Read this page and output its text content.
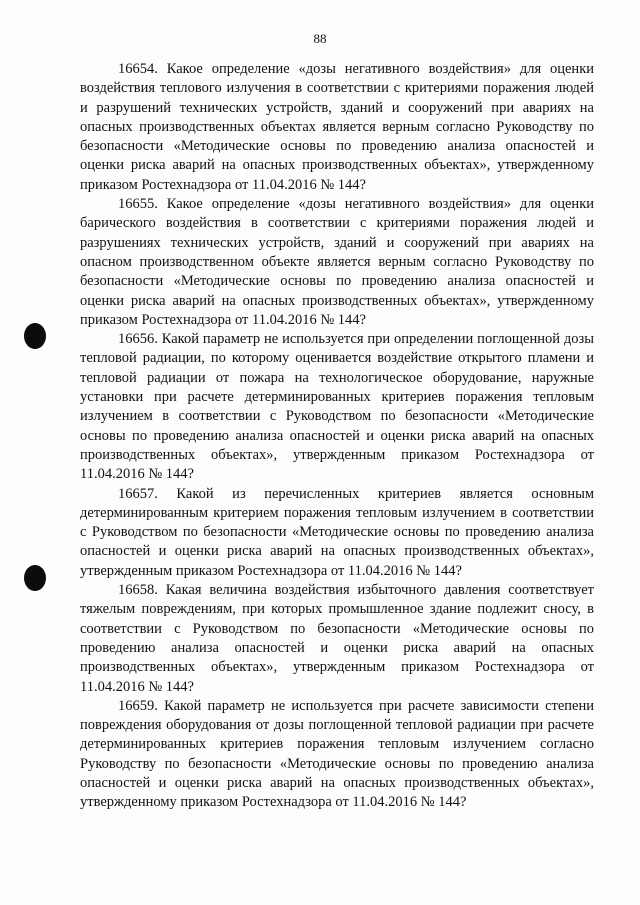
88

16654. Какое определение «дозы негативного воздействия» для оценки воздействия теплового излучения в соответствии с критериями поражения людей и разрушений технических устройств, зданий и сооружений при авариях на опасных производственных объектах является верным согласно Руководству по безопасности «Методические основы по проведению анализа опасностей и оценки риска аварий на опасных производственных объектах», утвержденному приказом Ростехнадзора от 11.04.2016 № 144?

16655. Какое определение «дозы негативного воздействия» для оценки барического воздействия в соответствии с критериями поражения людей и разрушениях технических устройств, зданий и сооружений при авариях на опасном производственном объекте является верным согласно Руководству по безопасности «Методические основы по проведению анализа опасностей и оценки риска аварий на опасных производственных объектах», утвержденному приказом Ростехнадзора от 11.04.2016 № 144?

16656. Какой параметр не используется при определении поглощенной дозы тепловой радиации, по которому оценивается воздействие открытого пламени и тепловой радиации от пожара на технологическое оборудование, наружные установки при расчете детерминированных критериев поражения тепловым излучением в соответствии с Руководством по безопасности «Методические основы по проведению анализа опасностей и оценки риска аварий на опасных производственных объектах», утвержденным приказом Ростехнадзора от 11.04.2016 № 144?

16657. Какой из перечисленных критериев является основным детерминированным критерием поражения тепловым излучением в соответствии с Руководством по безопасности «Методические основы по проведению анализа опасностей и оценки риска аварий на опасных производственных объектах», утвержденным приказом Ростехнадзора от 11.04.2016 № 144?

16658. Какая величина воздействия избыточного давления соответствует тяжелым повреждениям, при которых промышленное здание подлежит сносу, в соответствии с Руководством по безопасности «Методические основы по проведению анализа опасностей и оценки риска аварий на опасных производственных объектах», утвержденным приказом Ростехнадзора от 11.04.2016 № 144?

16659. Какой параметр не используется при расчете зависимости степени повреждения оборудования от дозы поглощенной тепловой радиации при расчете детерминированных критериев поражения тепловым излучением согласно Руководству по безопасности «Методические основы по проведению анализа опасностей и оценки риска аварий на опасных производственных объектах», утвержденному приказом Ростехнадзора от 11.04.2016 № 144?
